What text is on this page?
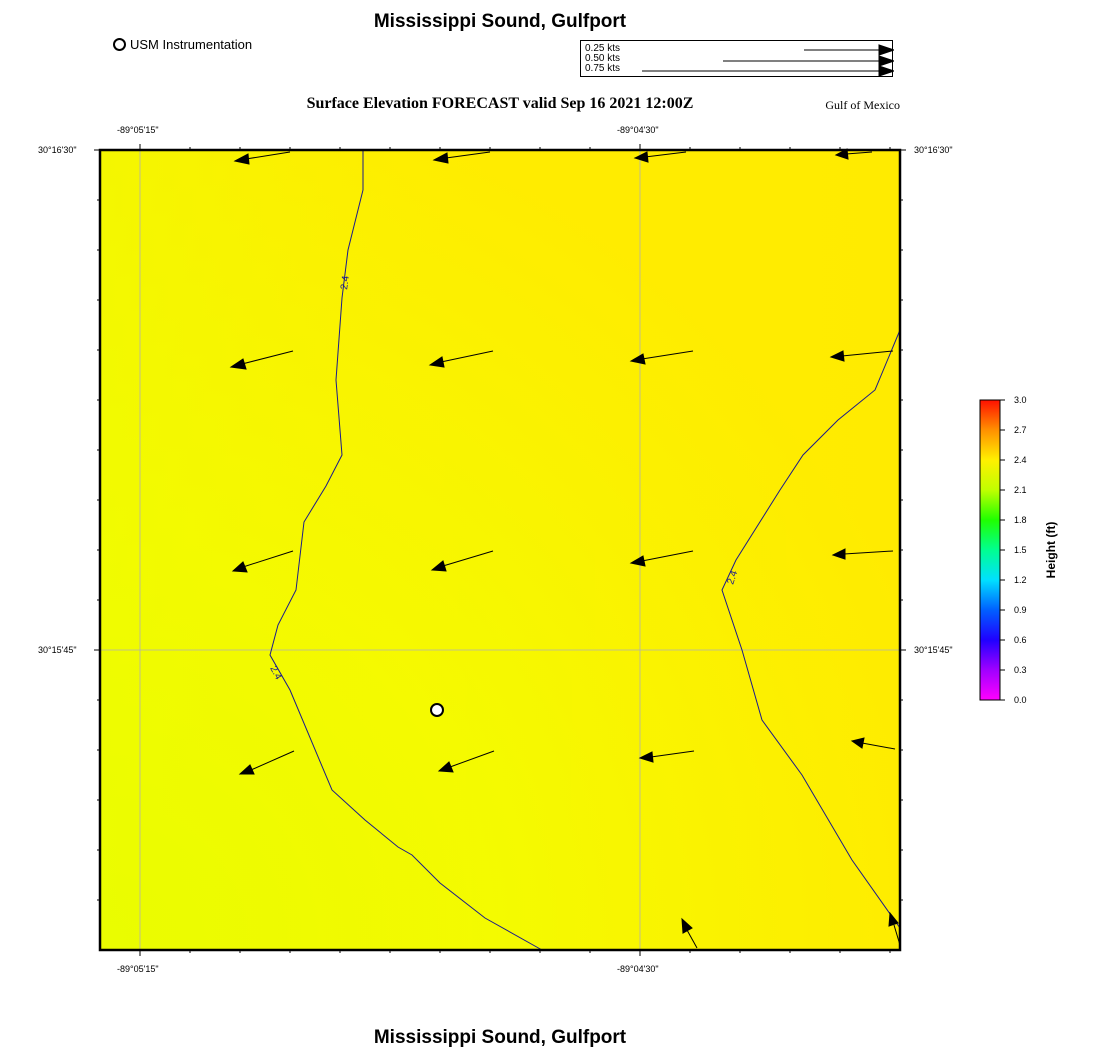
Mississippi Sound, Gulfport
Surface Elevation FORECAST valid Sep 16 2021 12:00Z	Gulf of Mexico
Mississippi Sound, Gulfport
USM Instrumentation	0.25 kts
0.50 kts
0.75 kts
-89°05'15"	-89°04'30"
-89°05'15"	-89°04'30"
30°16'30"
30°15'45"
30°16'30"
30°15'45"
2.4
2.4
2.4
3.0
2.7
2.4
2.1
1.8
1.5
1.2
0.9
0.6
0.3
0.0
Height (ft)
